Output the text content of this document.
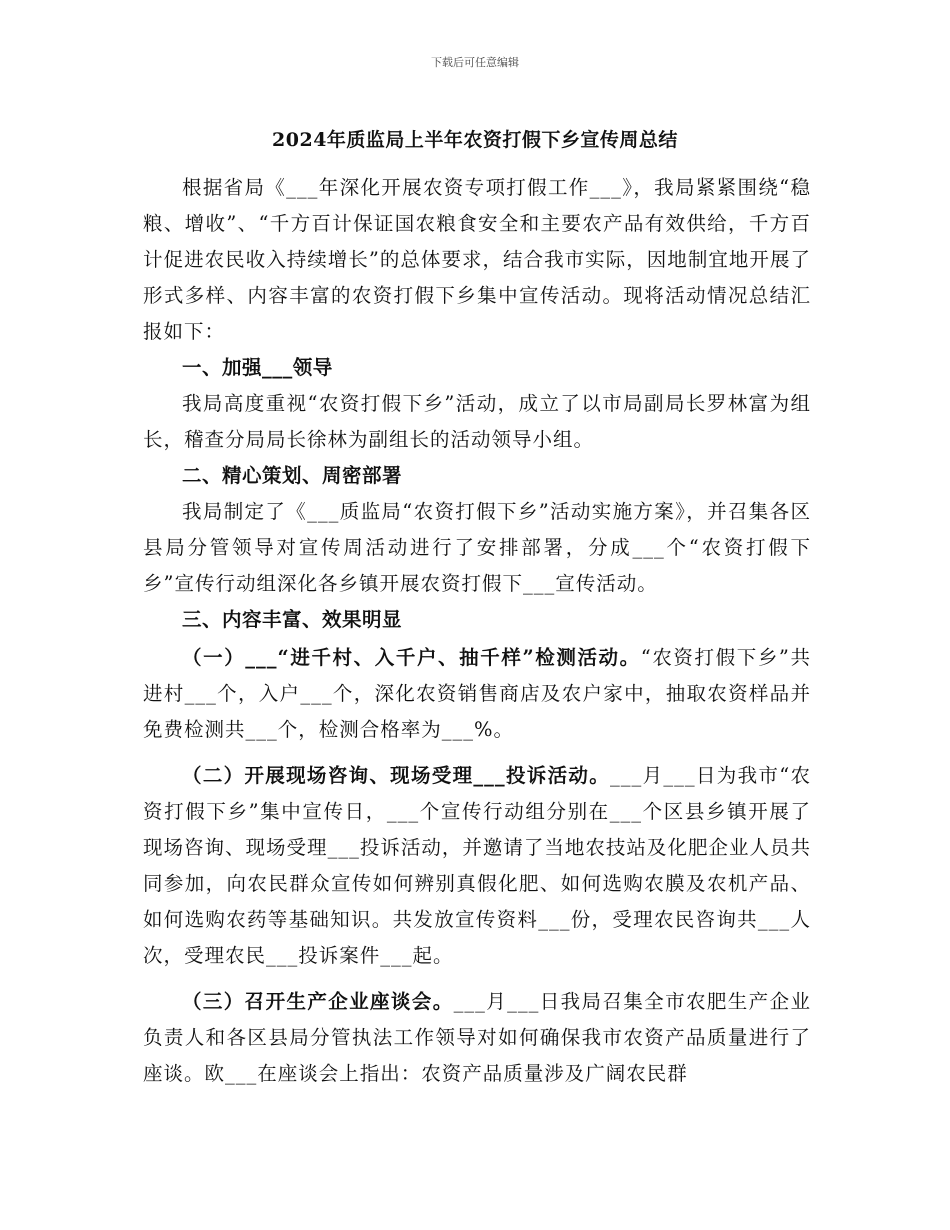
下载后可任意编辑
2024年质监局上半年农资打假下乡宣传周总结

根据省局《___年深化开展农资专项打假工作___》，我局紧紧围绕“稳粮、增收”、“千方百计保证国农粮食安全和主要农产品有效供给，千方百计促进农民收入持续增长”的总体要求，结合我市实际，因地制宜地开展了形式多样、内容丰富的农资打假下乡集中宣传活动。现将活动情况总结汇报如下：

一、加强___领导

我局高度重视“农资打假下乡”活动，成立了以市局副局长罗林富为组长，稽查分局局长徐林为副组长的活动领导小组。

二、精心策划、周密部署

我局制定了《___质监局“农资打假下乡”活动实施方案》，并召集各区县局分管领导对宣传周活动进行了安排部署，分成___个“农资打假下乡”宣传行动组深化各乡镇开展农资打假下___宣传活动。

三、内容丰富、效果明显

（一）___“进千村、入千户、抽千样”检测活动。“农资打假下乡”共进村___个，入户___个，深化农资销售商店及农户家中，抽取农资样品并免费检测共___个，检测合格率为___%。

（二）开展现场咨询、现场受理___投诉活动。___月___日为我市“农资打假下乡”集中宣传日，___个宣传行动组分别在___个区县乡镇开展了现场咨询、现场受理___投诉活动，并邀请了当地农技站及化肥企业人员共同参加，向农民群众宣传如何辨别真假化肥、如何选购农膜及农机产品、如何选购农药等基础知识。共发放宣传资料___份，受理农民咨询共___人次，受理农民___投诉案件___起。

（三）召开生产企业座谈会。___月___日我局召集全市农肥生产企业负责人和各区县局分管执法工作领导对如何确保我市农资产品质量进行了座谈。欧___在座谈会上指出：农资产品质量涉及广阔农民群
